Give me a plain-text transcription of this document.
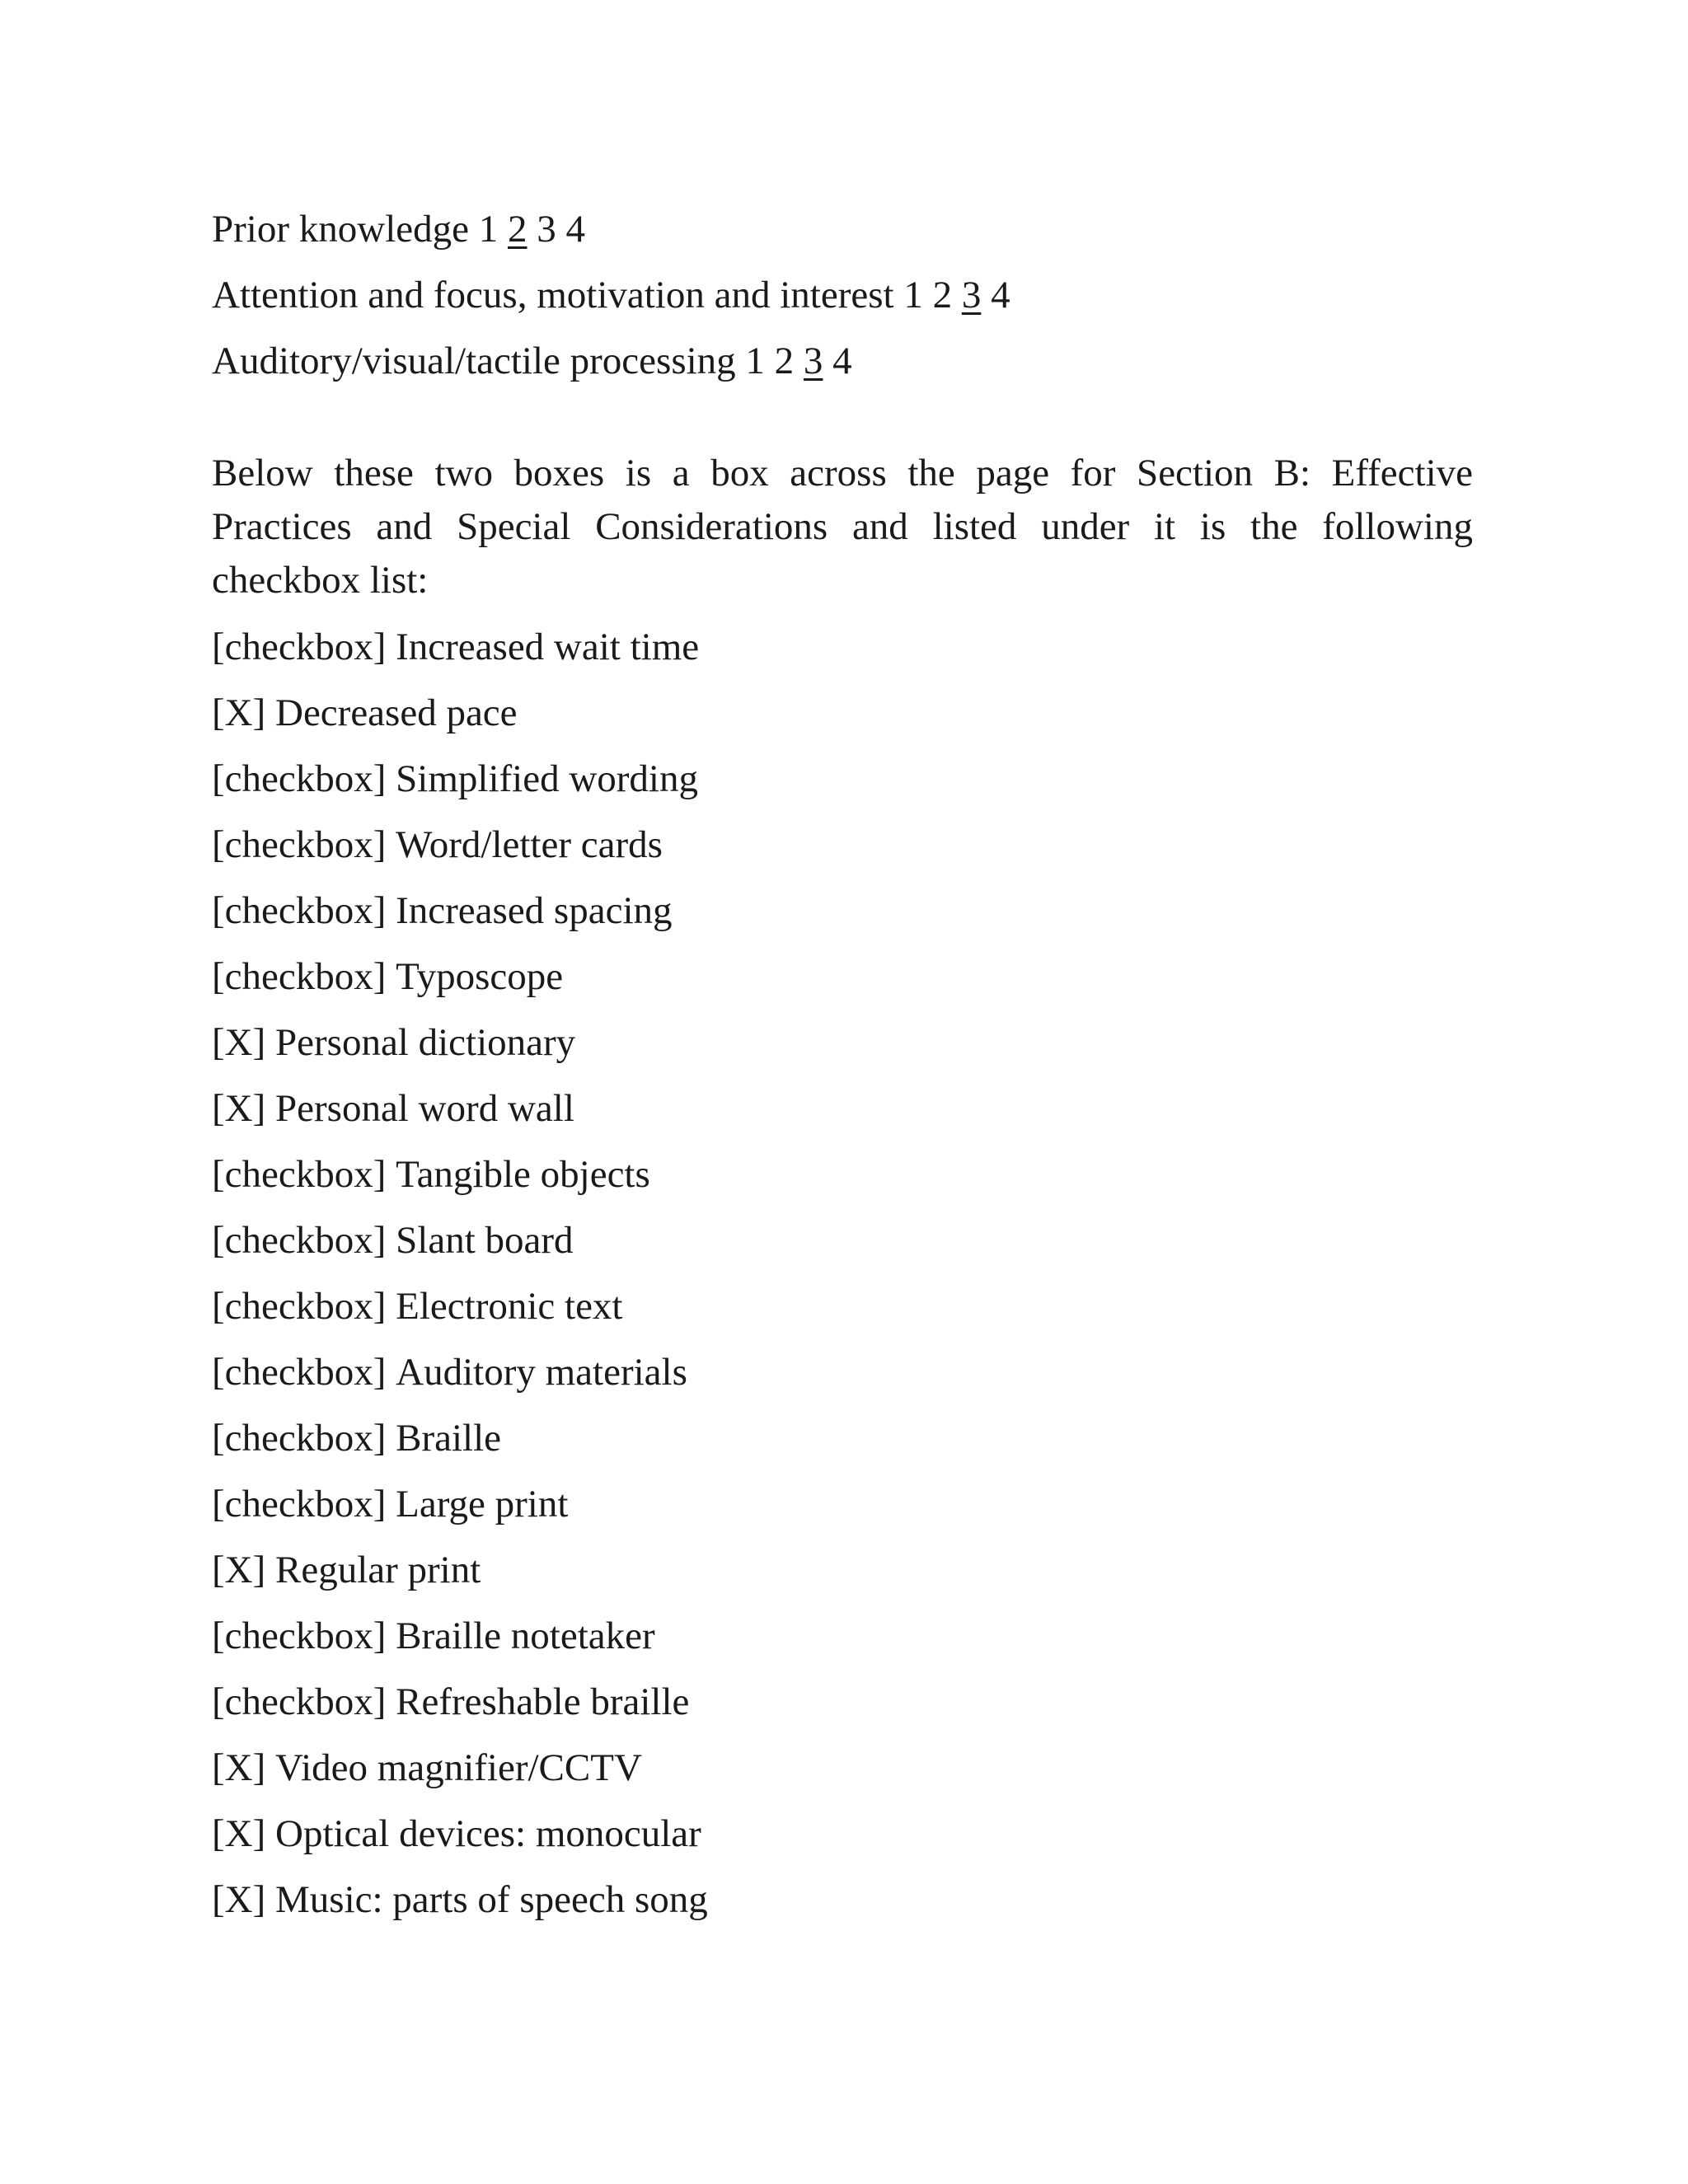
Prior knowledge 1 2 3 4
Attention and focus, motivation and interest 1 2 3 4
Auditory/visual/tactile processing 1 2 3 4

Below these two boxes is a box across the page for Section B: Effective Practices and Special Considerations and listed under it is the following checkbox list:

[checkbox] Increased wait time
[X] Decreased pace
[checkbox] Simplified wording
[checkbox] Word/letter cards
[checkbox] Increased spacing
[checkbox] Typoscope
[X] Personal dictionary
[X] Personal word wall
[checkbox] Tangible objects
[checkbox] Slant board
[checkbox] Electronic text
[checkbox] Auditory materials
[checkbox] Braille
[checkbox] Large print
[X] Regular print
[checkbox] Braille notetaker
[checkbox] Refreshable braille
[X] Video magnifier/CCTV
[X] Optical devices: monocular
[X] Music: parts of speech song
